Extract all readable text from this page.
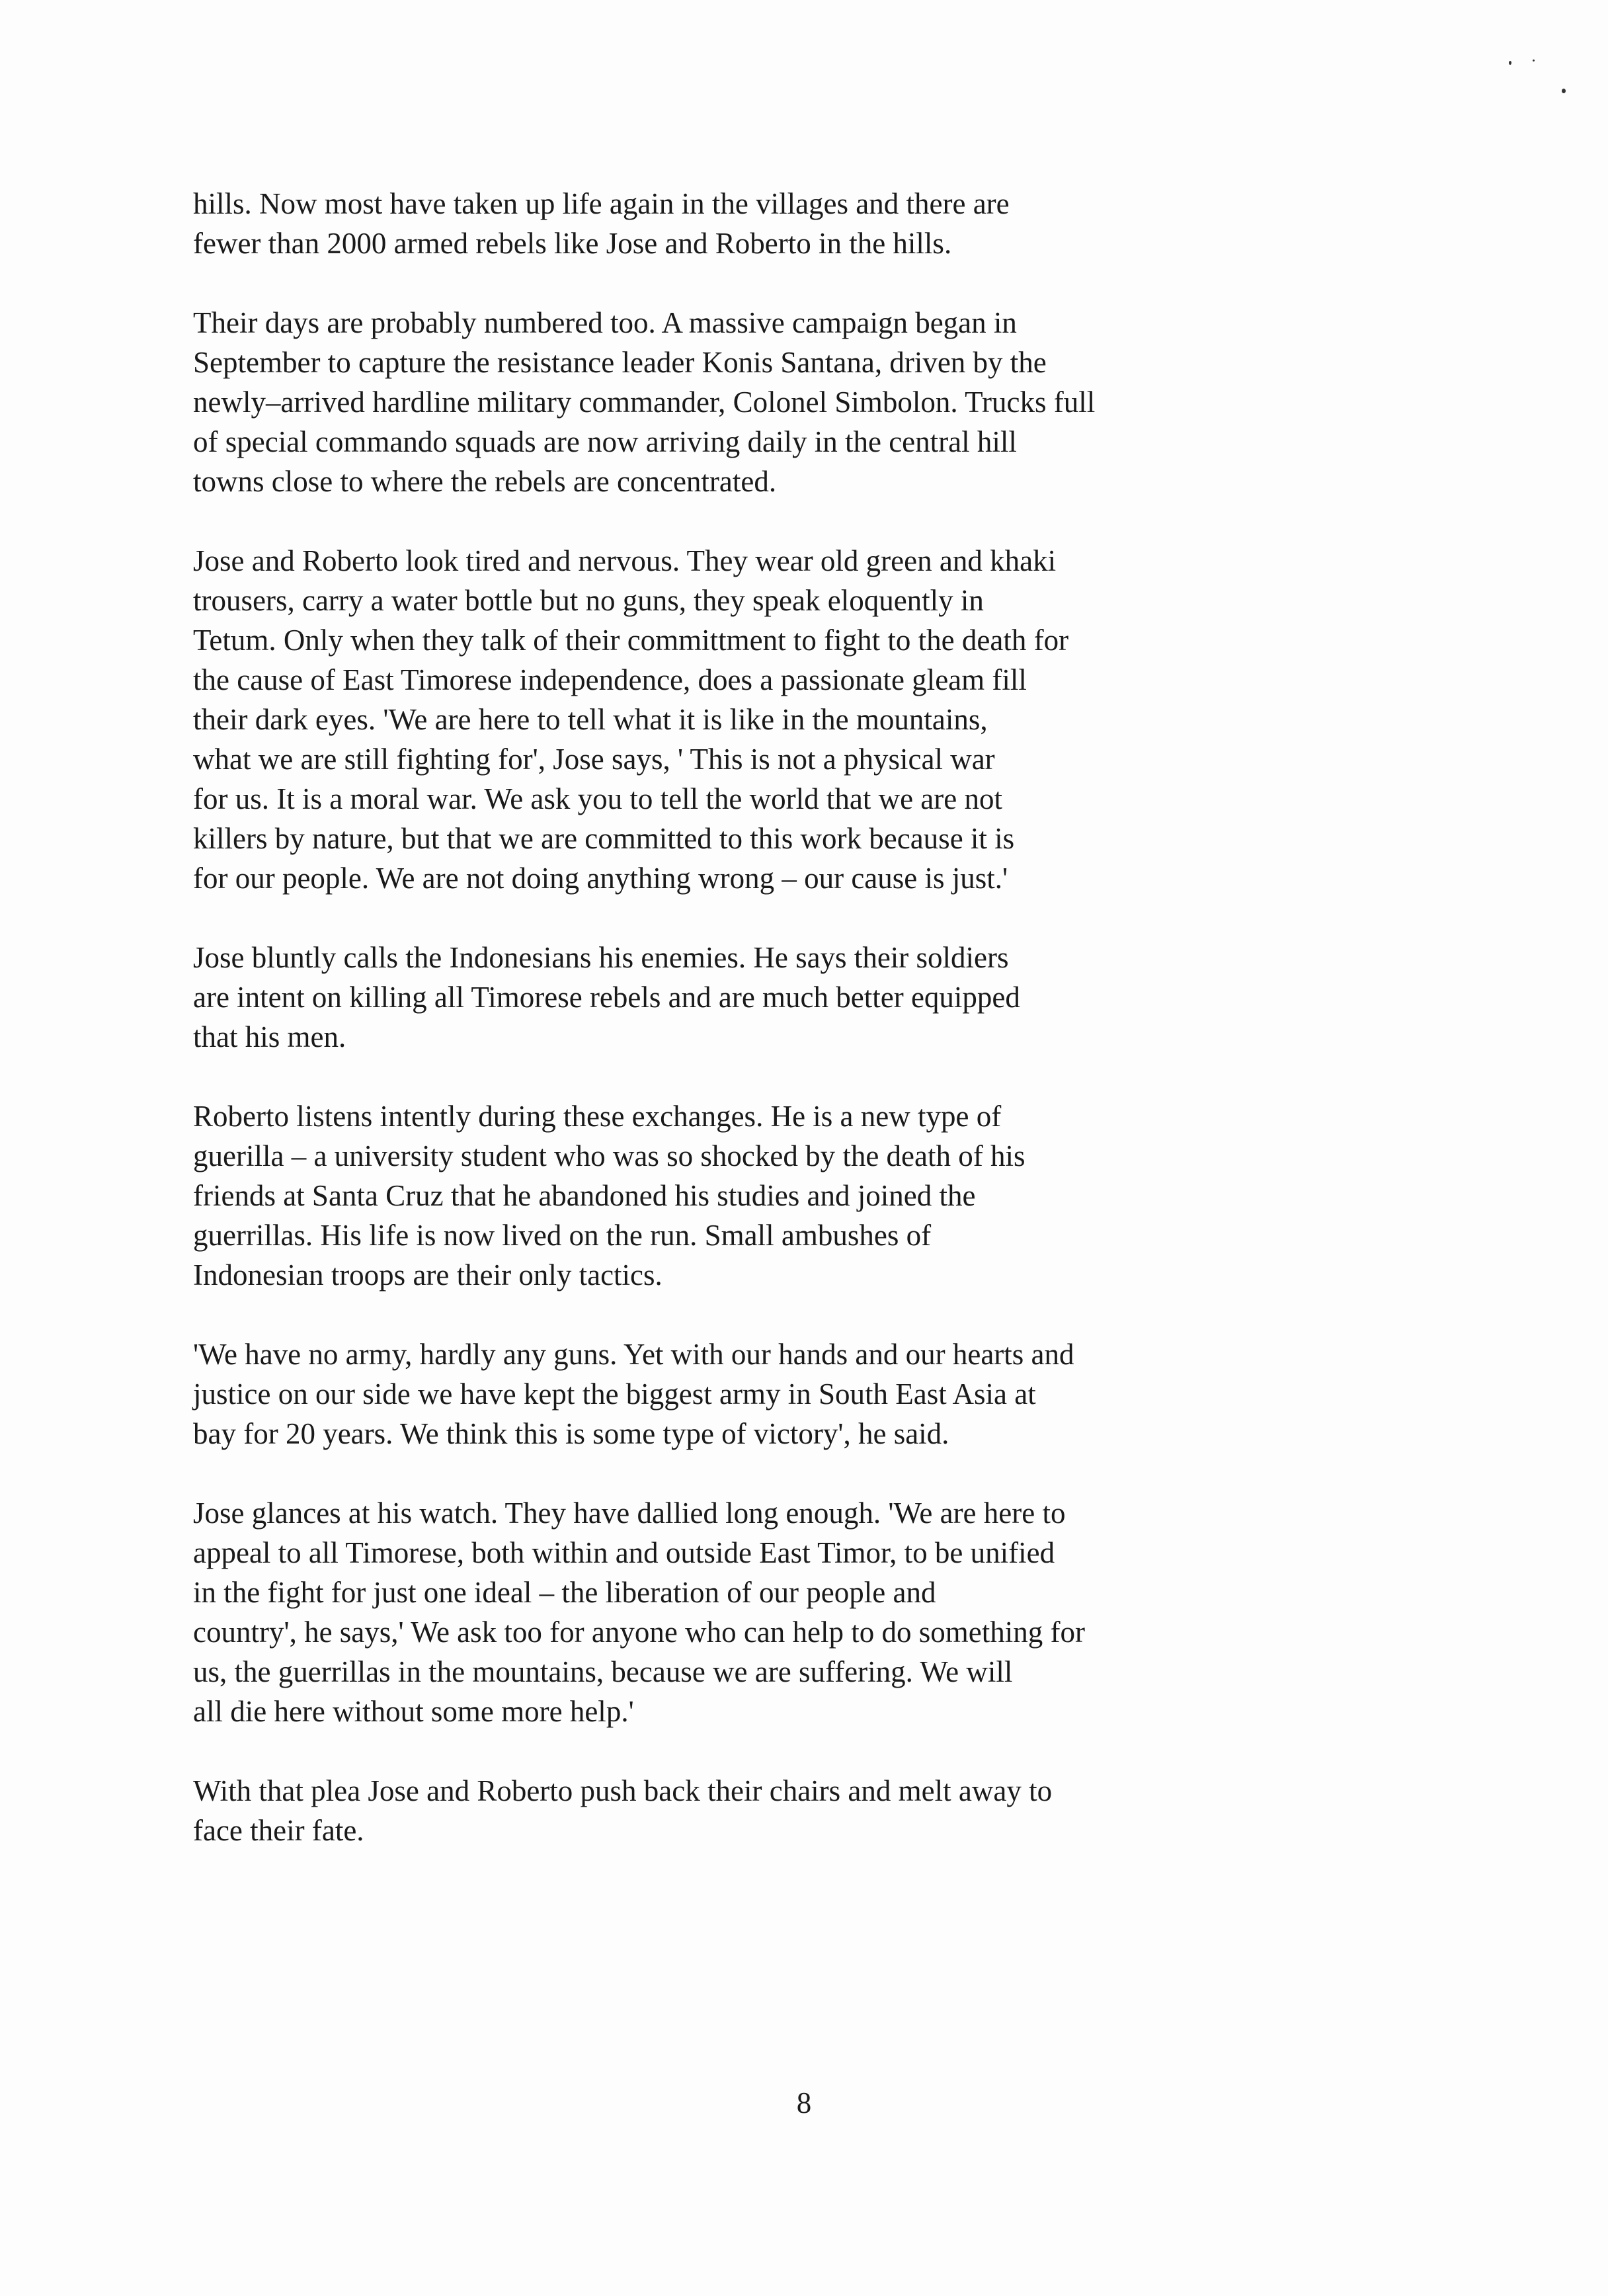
hills. Now most have taken up life again in the villages and there are
fewer than 2000 armed rebels like Jose and Roberto in the hills.

Their days are probably numbered too. A massive campaign began in
September to capture the resistance leader Konis Santana, driven by the
newly–arrived hardline military commander, Colonel Simbolon. Trucks full
of special commando squads are now arriving daily in the central hill
towns close to where the rebels are concentrated.

Jose and Roberto look tired and nervous. They wear old green and khaki
trousers, carry a water bottle but no guns, they speak eloquently in
Tetum. Only when they talk of their committment to fight to the death for
the cause of East Timorese independence, does a passionate gleam fill
their dark eyes. 'We are here to tell what it is like in the mountains,
what we are still fighting for', Jose says, ' This is not a physical war
for us. It is a moral war. We ask you to tell the world that we are not
killers by nature, but that we are committed to this work because it is
for our people. We are not doing anything wrong – our cause is just.'

Jose bluntly calls the Indonesians his enemies. He says their soldiers
are intent on killing all Timorese rebels and are much better equipped
that his men.

Roberto listens intently during these exchanges. He is a new type of
guerilla – a university student who was so shocked by the death of his
friends at Santa Cruz that he abandoned his studies and joined the
guerrillas. His life is now lived on the run. Small ambushes of
Indonesian troops are their only tactics.

'We have no army, hardly any guns. Yet with our hands and our hearts and
justice on our side we have kept the biggest army in South East Asia at
bay for 20 years. We think this is some type of victory', he said.

Jose glances at his watch. They have dallied long enough. 'We are here to
appeal to all Timorese, both within and outside East Timor, to be unified
in the fight for just one ideal – the liberation of our people and
country', he says,' We ask too for anyone who can help to do something for
us, the guerrillas in the mountains, because we are suffering. We will
all die here without some more help.'

With that plea Jose and Roberto push back their chairs and melt away to
face their fate.

8
